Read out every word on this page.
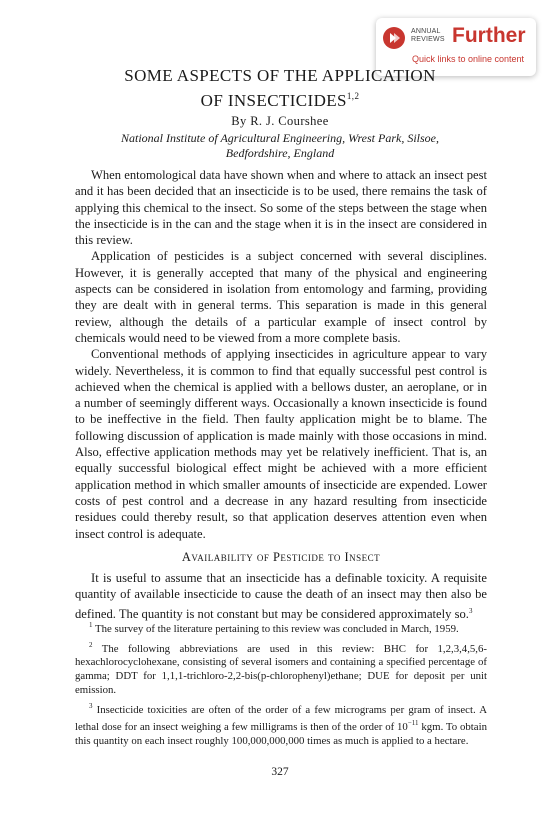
ANNUAL REVIEWS Further
Quick links to online content
SOME ASPECTS OF THE APPLICATION
OF INSECTICIDES$^{1,2}$
By R. J. Courshee
National Institute of Agricultural Engineering, Wrest Park, Silsoe,
Bedfordshire, England

When entomological data have shown when and where to attack an insect pest and it has been decided that an insecticide is to be used, there remains the task of applying this chemical to the insect. So some of the steps between the stage when the insecticide is in the can and the stage when it is in the insect are considered in this review.

Application of pesticides is a subject concerned with several disciplines. However, it is generally accepted that many of the physical and engineering aspects can be considered in isolation from entomology and farming, providing they are dealt with in general terms. This separation is made in this general review, although the details of a particular example of insect control by chemicals would need to be viewed from a more complete basis.

Conventional methods of applying insecticides in agriculture appear to vary widely. Nevertheless, it is common to find that equally successful pest control is achieved when the chemical is applied with a bellows duster, an aeroplane, or in a number of seemingly different ways. Occasionally a known insecticide is found to be ineffective in the field. Then faulty application might be to blame. The following discussion of application is made mainly with those occasions in mind. Also, effective application methods may yet be relatively inefficient. That is, an equally successful biological effect might be achieved with a more efficient application method in which smaller amounts of insecticide are expended. Lower costs of pest control and a decrease in any hazard resulting from insecticide residues could thereby result, so that application deserves attention even when insect control is adequate.

Availability of Pesticide to Insect

It is useful to assume that an insecticide has a definable toxicity. A requisite quantity of available insecticide to cause the death of an insect may then also be defined. The quantity is not constant but may be considered approximately so.$^3$

$^1$ The survey of the literature pertaining to this review was concluded in March, 1959.

$^2$ The following abbreviations are used in this review: BHC for 1,2,3,4,5,6-hexachlorocyclohexane, consisting of several isomers and containing a specified percentage of gamma; DDT for 1,1,1-trichloro-2,2-bis(p-chlorophenyl)ethane; DUE for deposit per unit emission.

$^3$ Insecticide toxicities are often of the order of a few micrograms per gram of insect. A lethal dose for an insect weighing a few milligrams is then of the order of $10^{-11}$ kgm. To obtain this quantity on each insect roughly 100,000,000,000 times as much is applied to a hectare.

327
